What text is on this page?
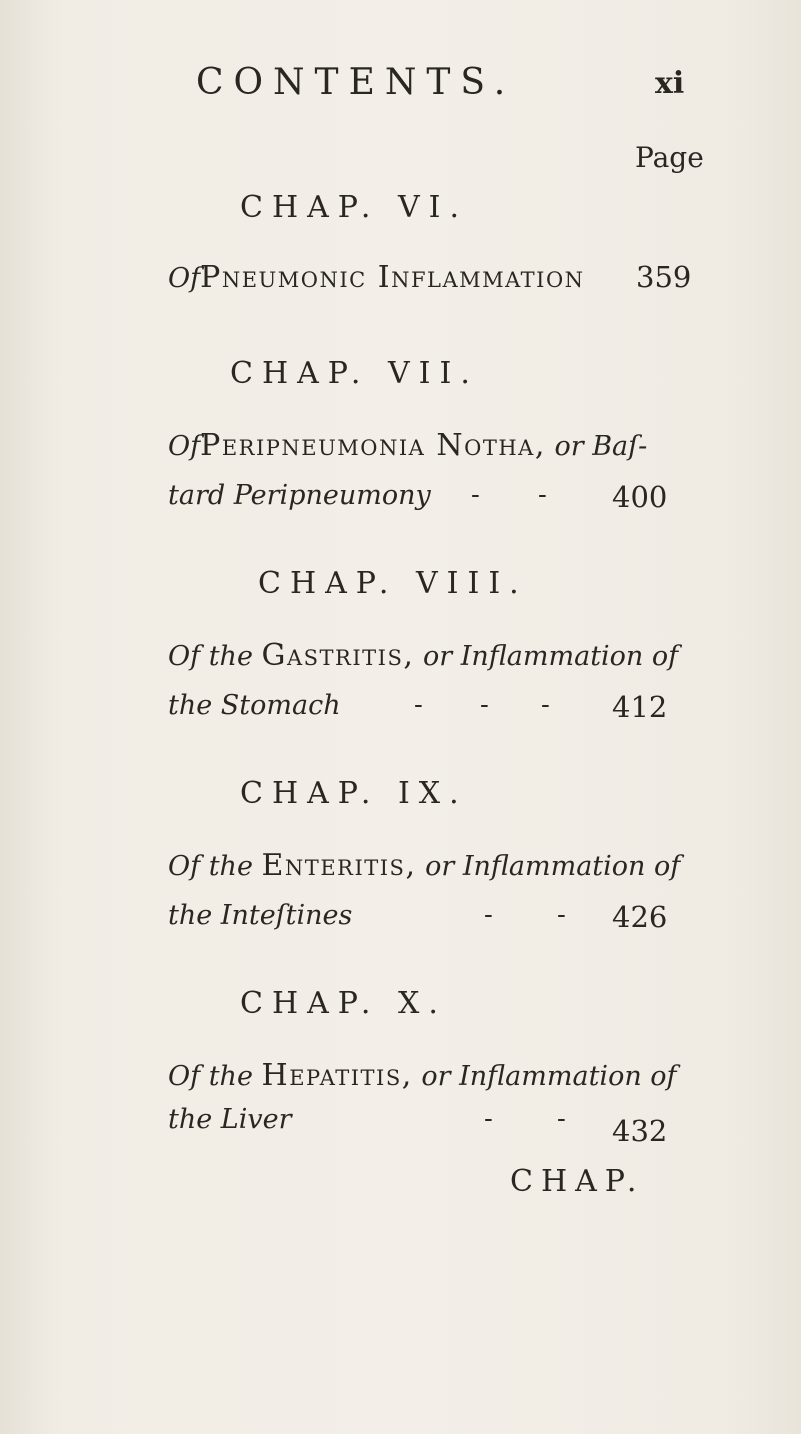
CONTENTS.	xi
Page
CHAP. VI.
OfPneumonic Inflammation 359
CHAP. VII.
OfPeripneumonia Notha, or Baſ-
tard Peripneumony - - 400
CHAP. VIII.
Of the Gastritis, or Inflammation of
the Stomach	- - - 412
CHAP. IX.
Of the Enteritis, or Inflammation of
the Inteſtines	- - 426
CHAP. X.
Of the Hepatitis, or Inflammation of
the Liver	- - 432
CHAP.
